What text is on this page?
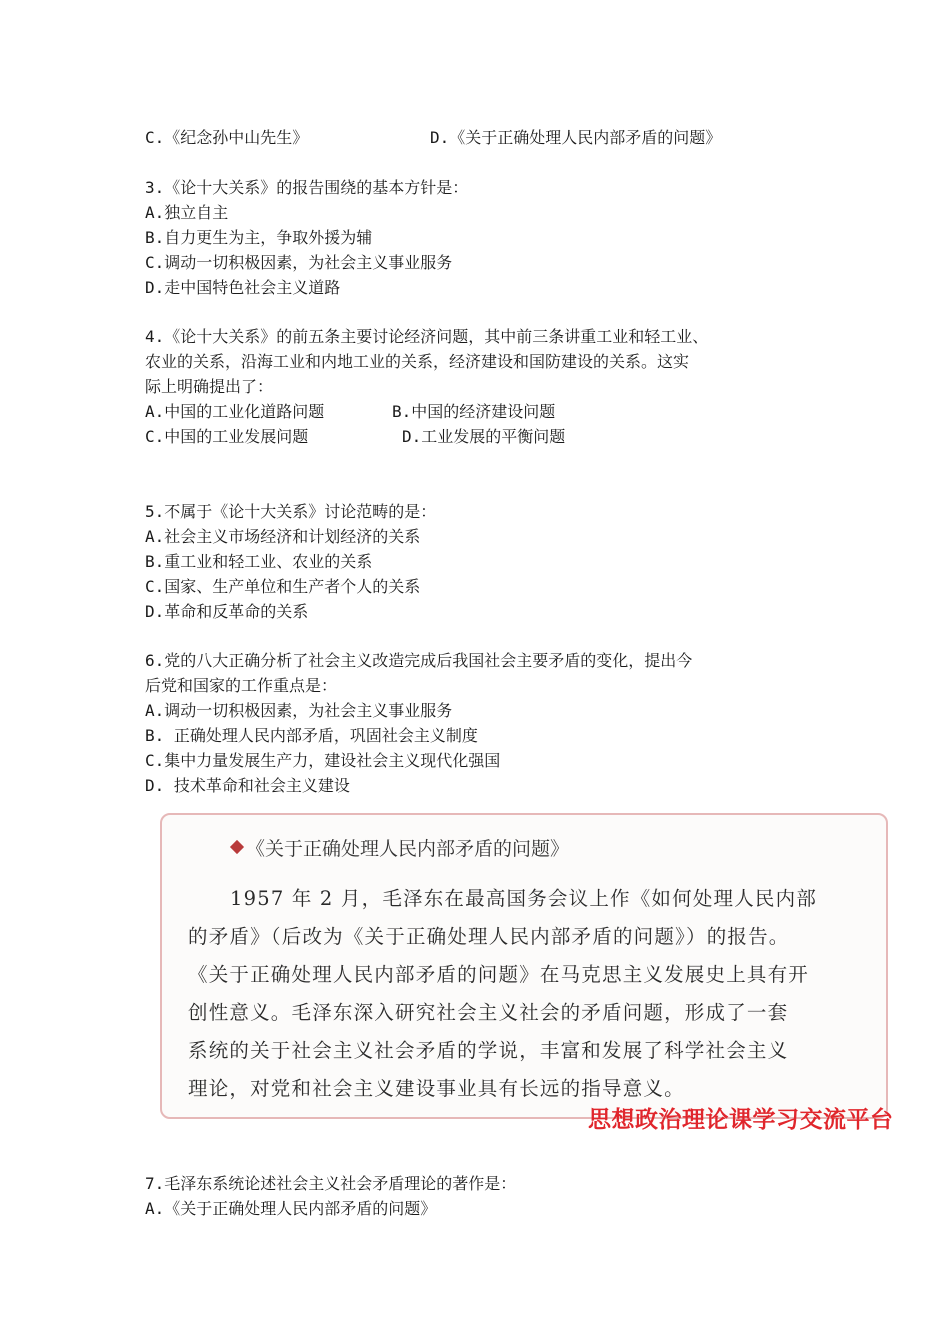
C.《纪念孙中山先生》	D.《关于正确处理人民内部矛盾的问题》
3.《论十大关系》的报告围绕的基本方针是：
A.独立自主
B.自力更生为主，争取外援为辅
C.调动一切积极因素，为社会主义事业服务
D.走中国特色社会主义道路
4.《论十大关系》的前五条主要讨论经济问题，其中前三条讲重工业和轻工业、
农业的关系，沿海工业和内地工业的关系，经济建设和国防建设的关系。这实
际上明确提出了：
A.中国的工业化道路问题	B.中国的经济建设问题
C.中国的工业发展问题	D.工业发展的平衡问题
5.不属于《论十大关系》讨论范畴的是：
A.社会主义市场经济和计划经济的关系
B.重工业和轻工业、农业的关系
C.国家、生产单位和生产者个人的关系
D.革命和反革命的关系
6.党的八大正确分析了社会主义改造完成后我国社会主要矛盾的变化，提出今
后党和国家的工作重点是：
A.调动一切积极因素，为社会主义事业服务
B. 正确处理人民内部矛盾，巩固社会主义制度
C.集中力量发展生产力，建设社会主义现代化强国
D. 技术革命和社会主义建设
《关于正确处理人民内部矛盾的问题》
1957 年 2 月，毛泽东在最高国务会议上作《如何处理人民内部
的矛盾》（后改为《关于正确处理人民内部矛盾的问题》）的报告。
《关于正确处理人民内部矛盾的问题》在马克思主义发展史上具有开
创性意义。毛泽东深入研究社会主义社会的矛盾问题，形成了一套
系统的关于社会主义社会矛盾的学说，丰富和发展了科学社会主义
理论，对党和社会主义建设事业具有长远的指导意义。
思想政治理论课学习交流平台
7.毛泽东系统论述社会主义社会矛盾理论的著作是：
A.《关于正确处理人民内部矛盾的问题》
